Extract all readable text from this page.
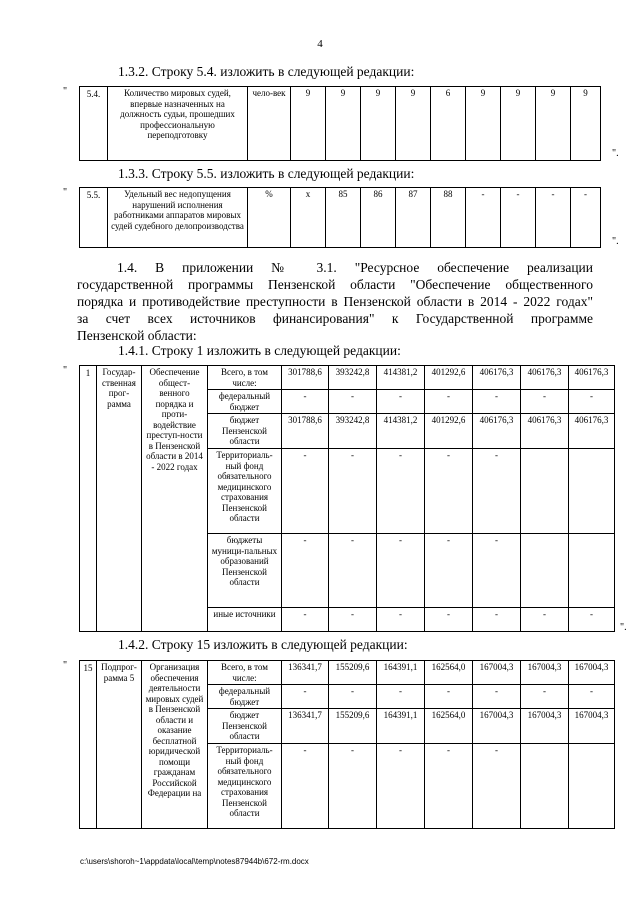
4
1.3.2. Строку 5.4. изложить в следующей редакции:
" 5.4.	Количество мировых судей, впервые назначенных на должность судьи, прошедших профессиональную переподготовку	чело-век	9	9	9	9	6	9	9	9	9
".
1.3.3. Строку 5.5. изложить в следующей редакции:
" 5.5.	Удельный вес недопущения нарушений исполнения работниками аппаратов мировых судей судебного делопроизводства	%	x	85	86	87	88	-	-	-	-
".
1.4. В приложении № 3.1. "Ресурсное обеспечение реализации
государственной программы Пензенской области "Обеспечение общественного
порядка и противодействие преступности в Пензенской области в 2014 - 2022 годах"
за счет всех источников финансирования" к Государственной программе
Пензенской области:
1.4.1. Строку 1 изложить в следующей редакции:
" 1	Государ-ственная прог-рамма	Обеспечение общест-венного порядка и проти-водействие преступ-ности в Пензенской области в 2014 - 2022 годах	Всего, в том числе:	301788,6	393242,8	414381,2	401292,6	406176,3	406176,3	406176,3
			федеральный бюджет	-	-	-	-	-	-	-
			бюджет Пензенской области	301788,6	393242,8	414381,2	401292,6	406176,3	406176,3	406176,3
			Территориаль-ный фонд обязательного медицинского страхования Пензенской области	-	-	-	-	-		
			бюджеты муници-пальных образований Пензенской области	-	-	-	-	-		
			иные источники	-	-	-	-	-	-	-
".
1.4.2. Строку 15 изложить в следующей редакции:
" 15	Подпрог-рамма 5	Организация обеспечения деятельности мировых судей в Пензенской области и оказание бесплатной юридической помощи гражданам Российской Федерации на	Всего, в том числе:	136341,7	155209,6	164391,1	162564,0	167004,3	167004,3	167004,3
			федеральный бюджет	-	-	-	-	-	-	-
			бюджет Пензенской области	136341,7	155209,6	164391,1	162564,0	167004,3	167004,3	167004,3
			Территориаль-ный фонд обязательного медицинского страхования Пензенской области	-	-	-	-	-		
c:\users\shoroh~1\appdata\local\temp\notes87944b\672-rm.docx
